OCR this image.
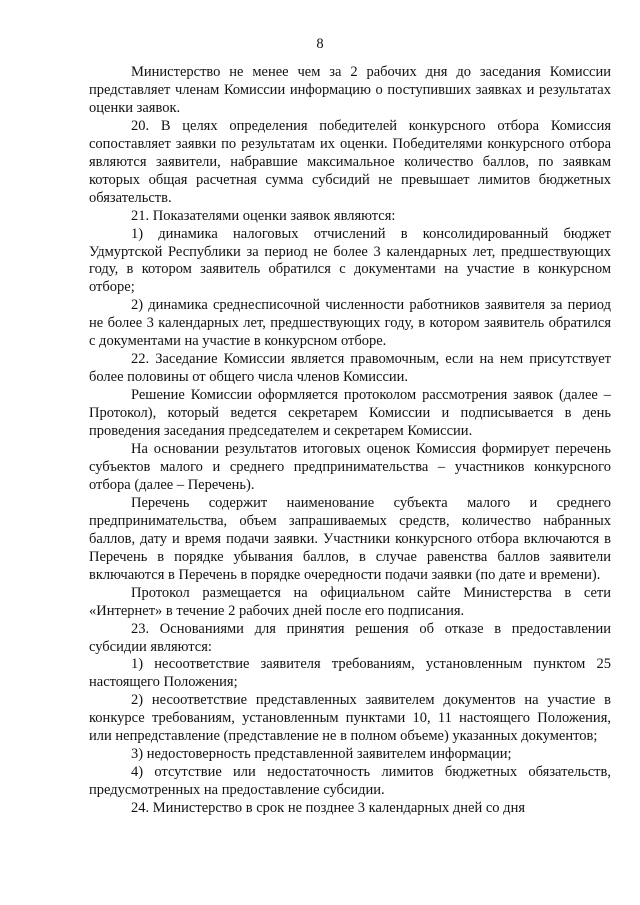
8

Министерство не менее чем за 2 рабочих дня до заседания Комиссии представляет членам Комиссии информацию о поступивших заявках и результатах оценки заявок.

20. В целях определения победителей конкурсного отбора Комиссия сопоставляет заявки по результатам их оценки. Победителями конкурсного отбора являются заявители, набравшие максимальное количество баллов, по заявкам которых общая расчетная сумма субсидий не превышает лимитов бюджетных обязательств.

21. Показателями оценки заявок являются:

1) динамика налоговых отчислений в консолидированный бюджет Удмуртской Республики за период не более 3 календарных лет, предшествующих году, в котором заявитель обратился с документами на участие в конкурсном отборе;

2) динамика среднесписочной численности работников заявителя за период не более 3 календарных лет, предшествующих году, в котором заявитель обратился с документами на участие в конкурсном отборе.

22. Заседание Комиссии является правомочным, если на нем присутствует более половины от общего числа членов Комиссии.

Решение Комиссии оформляется протоколом рассмотрения заявок (далее – Протокол), который ведется секретарем Комиссии и подписывается в день проведения заседания председателем и секретарем Комиссии.

На основании результатов итоговых оценок Комиссия формирует перечень субъектов малого и среднего предпринимательства – участников конкурсного отбора (далее – Перечень).

Перечень содержит наименование субъекта малого и среднего предпринимательства, объем запрашиваемых средств, количество набранных баллов, дату и время подачи заявки. Участники конкурсного отбора включаются в Перечень в порядке убывания баллов, в случае равенства баллов заявители включаются в Перечень в порядке очередности подачи заявки (по дате и времени).

Протокол размещается на официальном сайте Министерства в сети «Интернет» в течение 2 рабочих дней после его подписания.

23. Основаниями для принятия решения об отказе в предоставлении субсидии являются:

1) несоответствие заявителя требованиям, установленным пунктом 25 настоящего Положения;

2) несоответствие представленных заявителем документов на участие в конкурсе требованиям, установленным пунктами 10, 11 настоящего Положения, или непредставление (представление не в полном объеме) указанных документов;

3) недостоверность представленной заявителем информации;

4) отсутствие или недостаточность лимитов бюджетных обязательств, предусмотренных на предоставление субсидии.

24. Министерство в срок не позднее 3 календарных дней со дня
